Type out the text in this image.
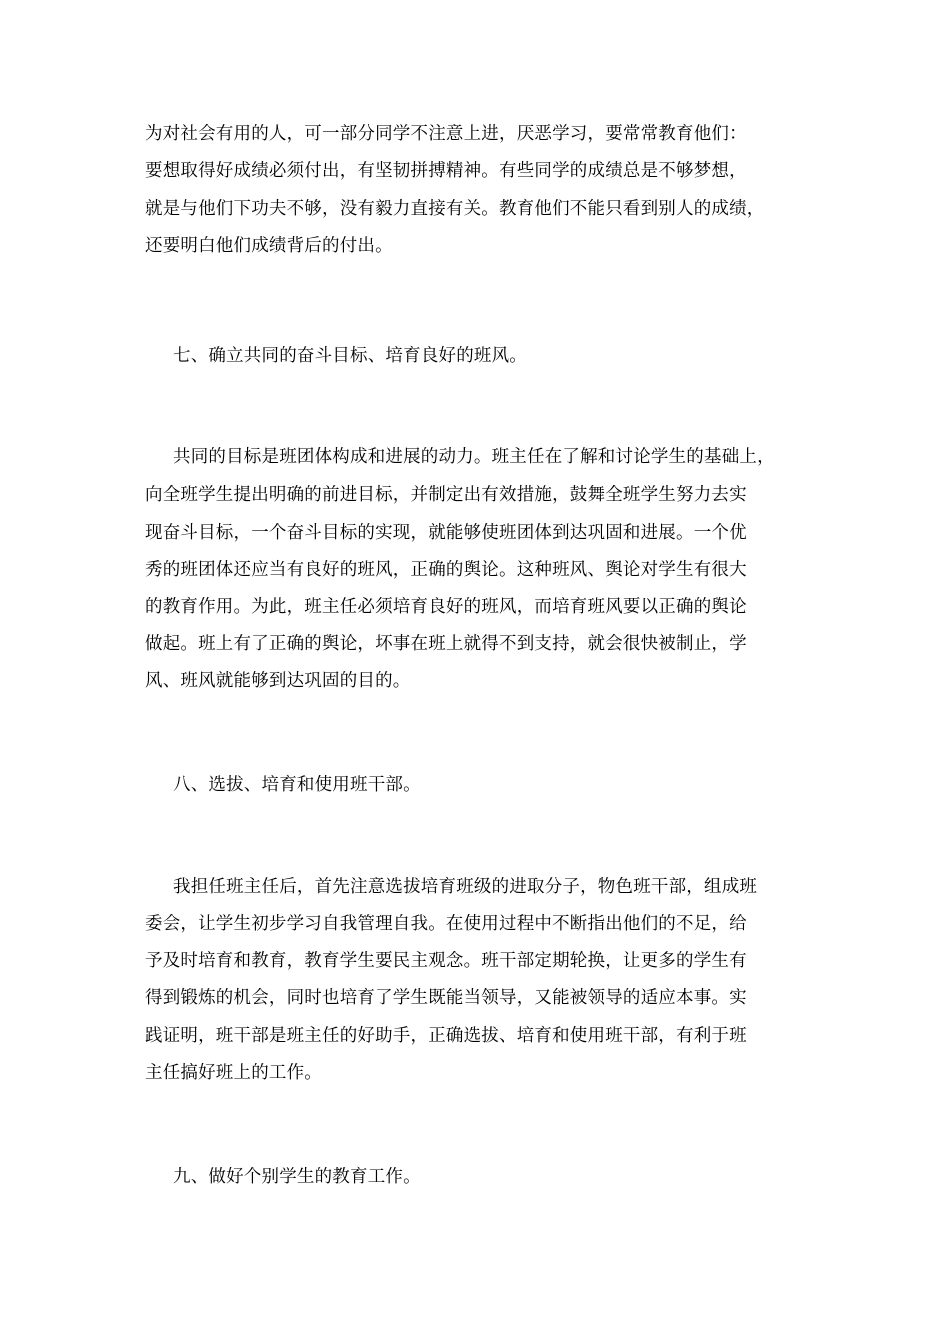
为对社会有用的人，可一部分同学不注意上进，厌恶学习，要常常教育他们：
要想取得好成绩必须付出，有坚韧拼搏精神。有些同学的成绩总是不够梦想，
就是与他们下功夫不够，没有毅力直接有关。教育他们不能只看到别人的成绩，
还要明白他们成绩背后的付出。
七、确立共同的奋斗目标、培育良好的班风。
共同的目标是班团体构成和进展的动力。班主任在了解和讨论学生的基础上，
向全班学生提出明确的前进目标，并制定出有效措施，鼓舞全班学生努力去实
现奋斗目标，一个奋斗目标的实现，就能够使班团体到达巩固和进展。一个优
秀的班团体还应当有良好的班风，正确的舆论。这种班风、舆论对学生有很大
的教育作用。为此，班主任必须培育良好的班风，而培育班风要以正确的舆论
做起。班上有了正确的舆论，坏事在班上就得不到支持，就会很快被制止，学
风、班风就能够到达巩固的目的。
八、选拔、培育和使用班干部。
我担任班主任后，首先注意选拔培育班级的进取分子，物色班干部，组成班
委会，让学生初步学习自我管理自我。在使用过程中不断指出他们的不足，给
予及时培育和教育，教育学生要民主观念。班干部定期轮换，让更多的学生有
得到锻炼的机会，同时也培育了学生既能当领导，又能被领导的适应本事。实
践证明，班干部是班主任的好助手，正确选拔、培育和使用班干部，有利于班
主任搞好班上的工作。
九、做好个别学生的教育工作。
